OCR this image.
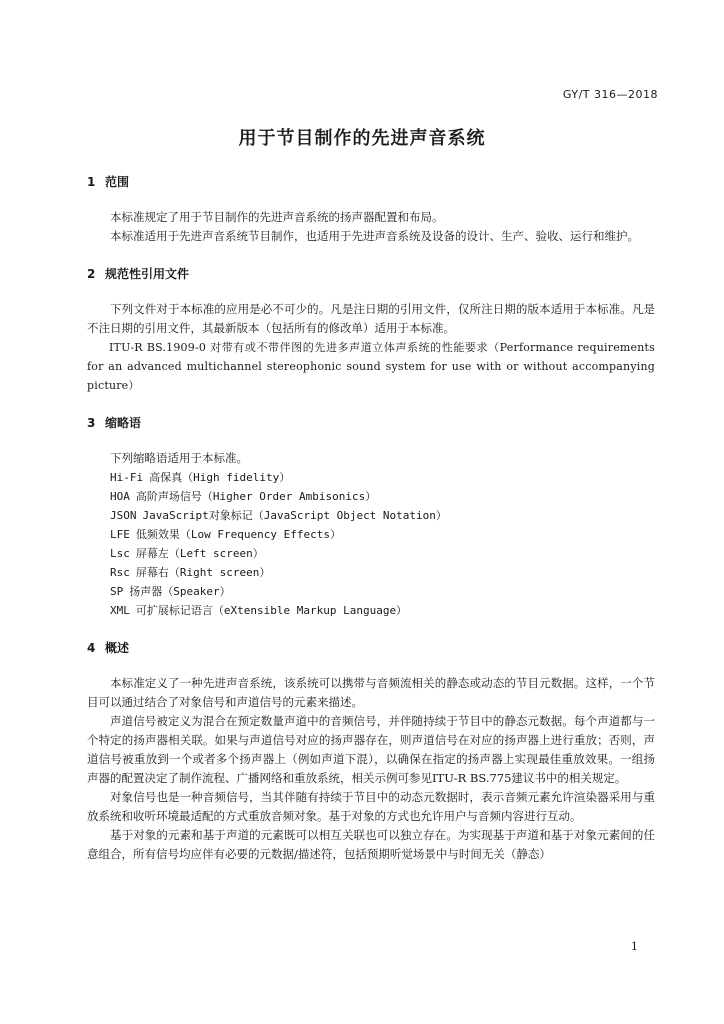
GY/T 316—2018
用于节目制作的先进声音系统
1 范围

本标准规定了用于节目制作的先进声音系统的扬声器配置和布局。

本标准适用于先进声音系统节目制作，也适用于先进声音系统及设备的设计、生产、验收、运行和维护。

2 规范性引用文件

下列文件对于本标准的应用是必不可少的。凡是注日期的引用文件，仅所注日期的版本适用于本标准。凡是不注日期的引用文件，其最新版本（包括所有的修改单）适用于本标准。

ITU-R BS.1909-0 对带有或不带伴图的先进多声道立体声系统的性能要求（Performance requirements for an advanced multichannel stereophonic sound system for use with or without accompanying picture）

3 缩略语
下列缩略语适用于本标准。
Hi-Fi 高保真（High fidelity）
HOA 高阶声场信号（Higher Order Ambisonics）
JSON JavaScript对象标记（JavaScript Object Notation）
LFE 低频效果（Low Frequency Effects）
Lsc 屏幕左（Left screen）
Rsc 屏幕右（Right screen）
SP 扬声器（Speaker）
XML 可扩展标记语言（eXtensible Markup Language）
4 概述

本标准定义了一种先进声音系统，该系统可以携带与音频流相关的静态或动态的节目元数据。这样，一个节目可以通过结合了对象信号和声道信号的元素来描述。

声道信号被定义为混合在预定数量声道中的音频信号，并伴随持续于节目中的静态元数据。每个声道都与一个特定的扬声器相关联。如果与声道信号对应的扬声器存在，则声道信号在对应的扬声器上进行重放；否则，声道信号被重放到一个或者多个扬声器上（例如声道下混），以确保在指定的扬声器上实现最佳重放效果。一组扬声器的配置决定了制作流程、广播网络和重放系统，相关示例可参见ITU-R BS.775建议书中的相关规定。

对象信号也是一种音频信号，当其伴随有持续于节目中的动态元数据时，表示音频元素允许渲染器采用与重放系统和收听环境最适配的方式重放音频对象。基于对象的方式也允许用户与音频内容进行互动。

基于对象的元素和基于声道的元素既可以相互关联也可以独立存在。为实现基于声道和基于对象元素间的任意组合，所有信号均应伴有必要的元数据/描述符，包括预期听觉场景中与时间无关（静态）

1
